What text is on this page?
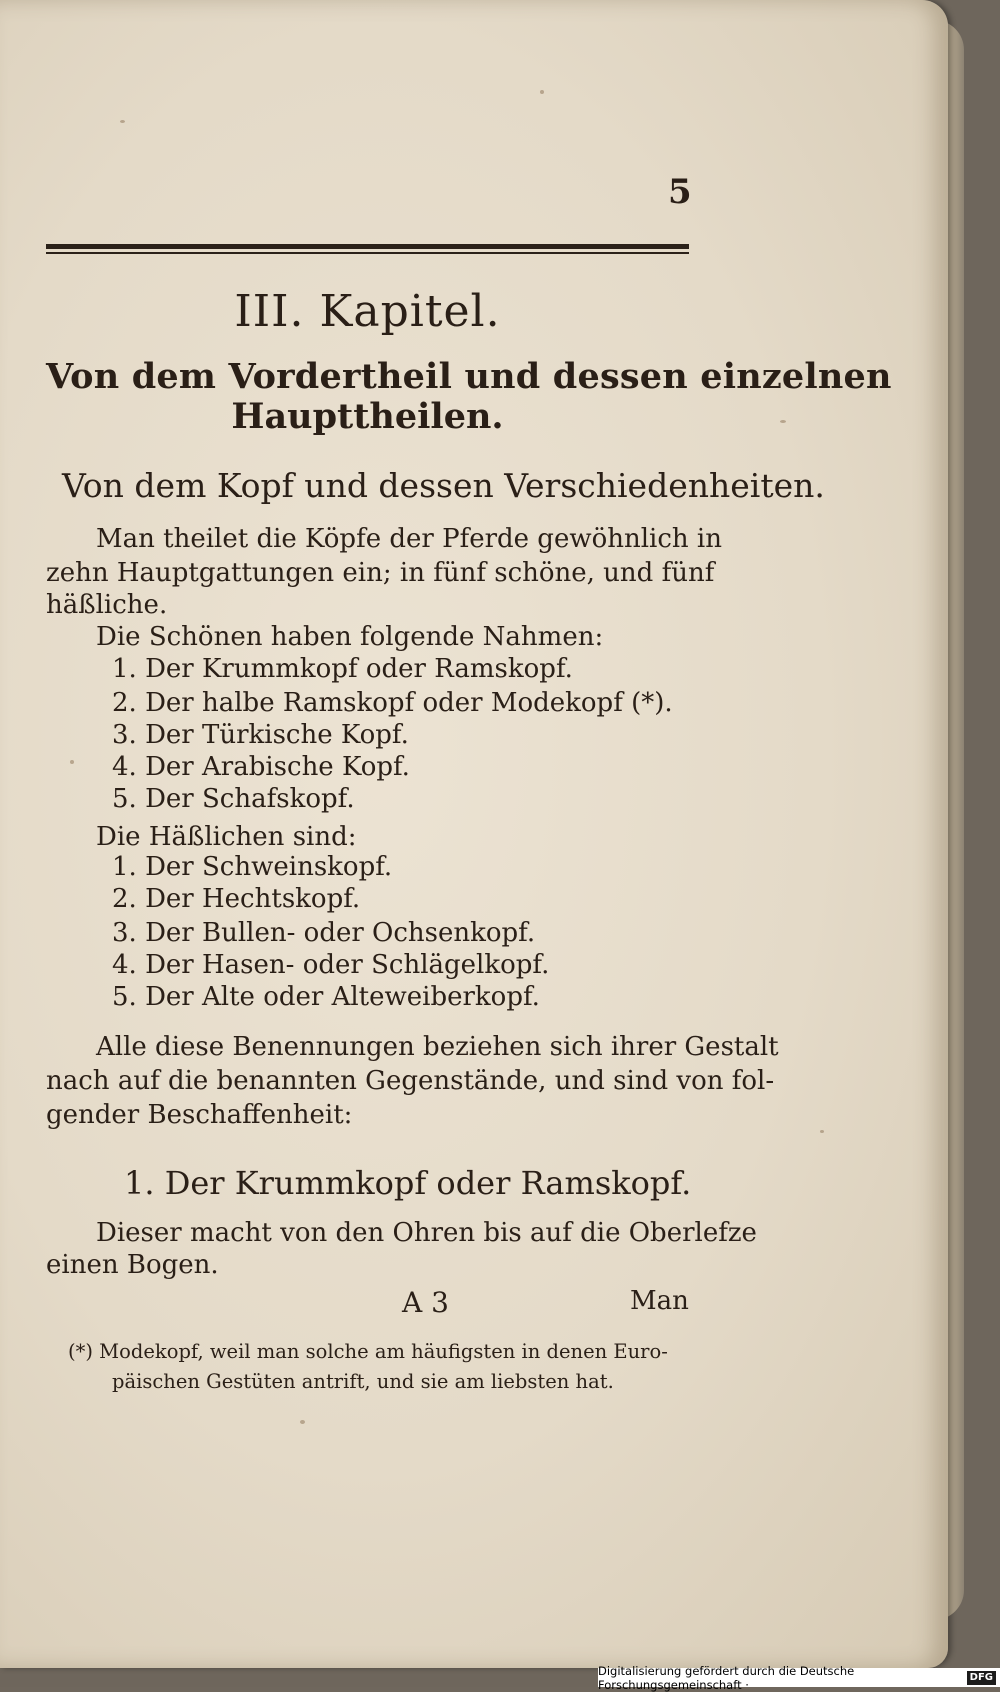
5
III. Kapitel.
Von dem Vordertheil und dessen einzelnen
Haupttheilen.
Von dem Kopf und dessen Verschiedenheiten.
Man theilet die Köpfe der Pferde gewöhnlich in
zehn Hauptgattungen ein; in fünf schöne, und fünf
häßliche.
Die Schönen haben folgende Nahmen:
1. Der Krummkopf oder Ramskopf.
2. Der halbe Ramskopf oder Modekopf (*).
3. Der Türkische Kopf.
4. Der Arabische Kopf.
5. Der Schafskopf.
Die Häßlichen sind:
1. Der Schweinskopf.
2. Der Hechtskopf.
3. Der Bullen- oder Ochsenkopf.
4. Der Hasen- oder Schlägelkopf.
5. Der Alte oder Alteweiberkopf.
Alle diese Benennungen beziehen sich ihrer Gestalt
nach auf die benannten Gegenstände, und sind von fol-
gender Beschaffenheit:
1. Der Krummkopf oder Ramskopf.
Dieser macht von den Ohren bis auf die Oberlefze
einen Bogen.
A 3	Man
(*) Modekopf, weil man solche am häufigsten in denen Euro-
päischen Gestüten antrift, und sie am liebsten hat.
Digitalisierung gefördert durch die Deutsche Forschungsgemeinschaft ·
DFG
